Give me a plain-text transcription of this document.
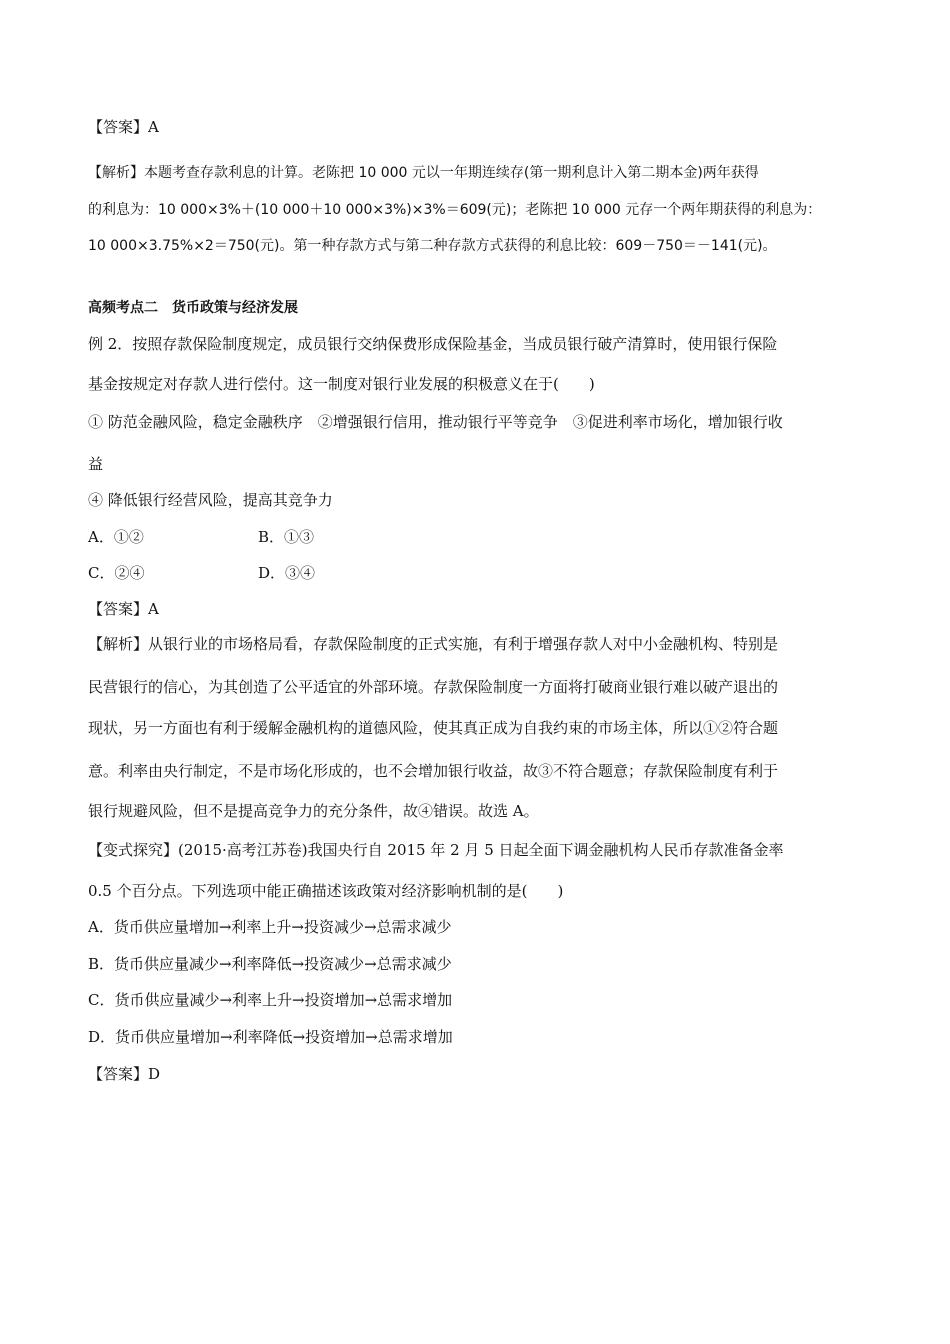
【答案】A
【解析】本题考查存款利息的计算。老陈把 10 000 元以一年期连续存(第一期利息计入第二期本金)两年获得
的利息为：10 000×3%＋(10 000＋10 000×3%)×3%＝609(元)；老陈把 10 000 元存一个两年期获得的利息为：
10 000×3.75%×2＝750(元)。第一种存款方式与第二种存款方式获得的利息比较：609－750＝－141(元)。
高频考点二　货币政策与经济发展
例 2．按照存款保险制度规定，成员银行交纳保费形成保险基金，当成员银行破产清算时，使用银行保险
基金按规定对存款人进行偿付。这一制度对银行业发展的积极意义在于(　　)
① 防范金融风险，稳定金融秩序　②增强银行信用，推动银行平等竞争　③促进利率市场化，增加银行收
益
④ 降低银行经营风险，提高其竞争力
A．①②	B．①③
C．②④	D．③④
【答案】A
【解析】从银行业的市场格局看，存款保险制度的正式实施，有利于增强存款人对中小金融机构、特别是
民营银行的信心，为其创造了公平适宜的外部环境。存款保险制度一方面将打破商业银行难以破产退出的
现状，另一方面也有利于缓解金融机构的道德风险，使其真正成为自我约束的市场主体，所以①②符合题
意。利率由央行制定，不是市场化形成的，也不会增加银行收益，故③不符合题意；存款保险制度有利于
银行规避风险，但不是提高竞争力的充分条件，故④错误。故选 A。
【变式探究】(2015·高考江苏卷)我国央行自 2015 年 2 月 5 日起全面下调金融机构人民币存款准备金率
0.5 个百分点。下列选项中能正确描述该政策对经济影响机制的是(　　)
A．货币供应量增加→利率上升→投资减少→总需求减少
B．货币供应量减少→利率降低→投资减少→总需求减少
C．货币供应量减少→利率上升→投资增加→总需求增加
D．货币供应量增加→利率降低→投资增加→总需求增加
【答案】D
